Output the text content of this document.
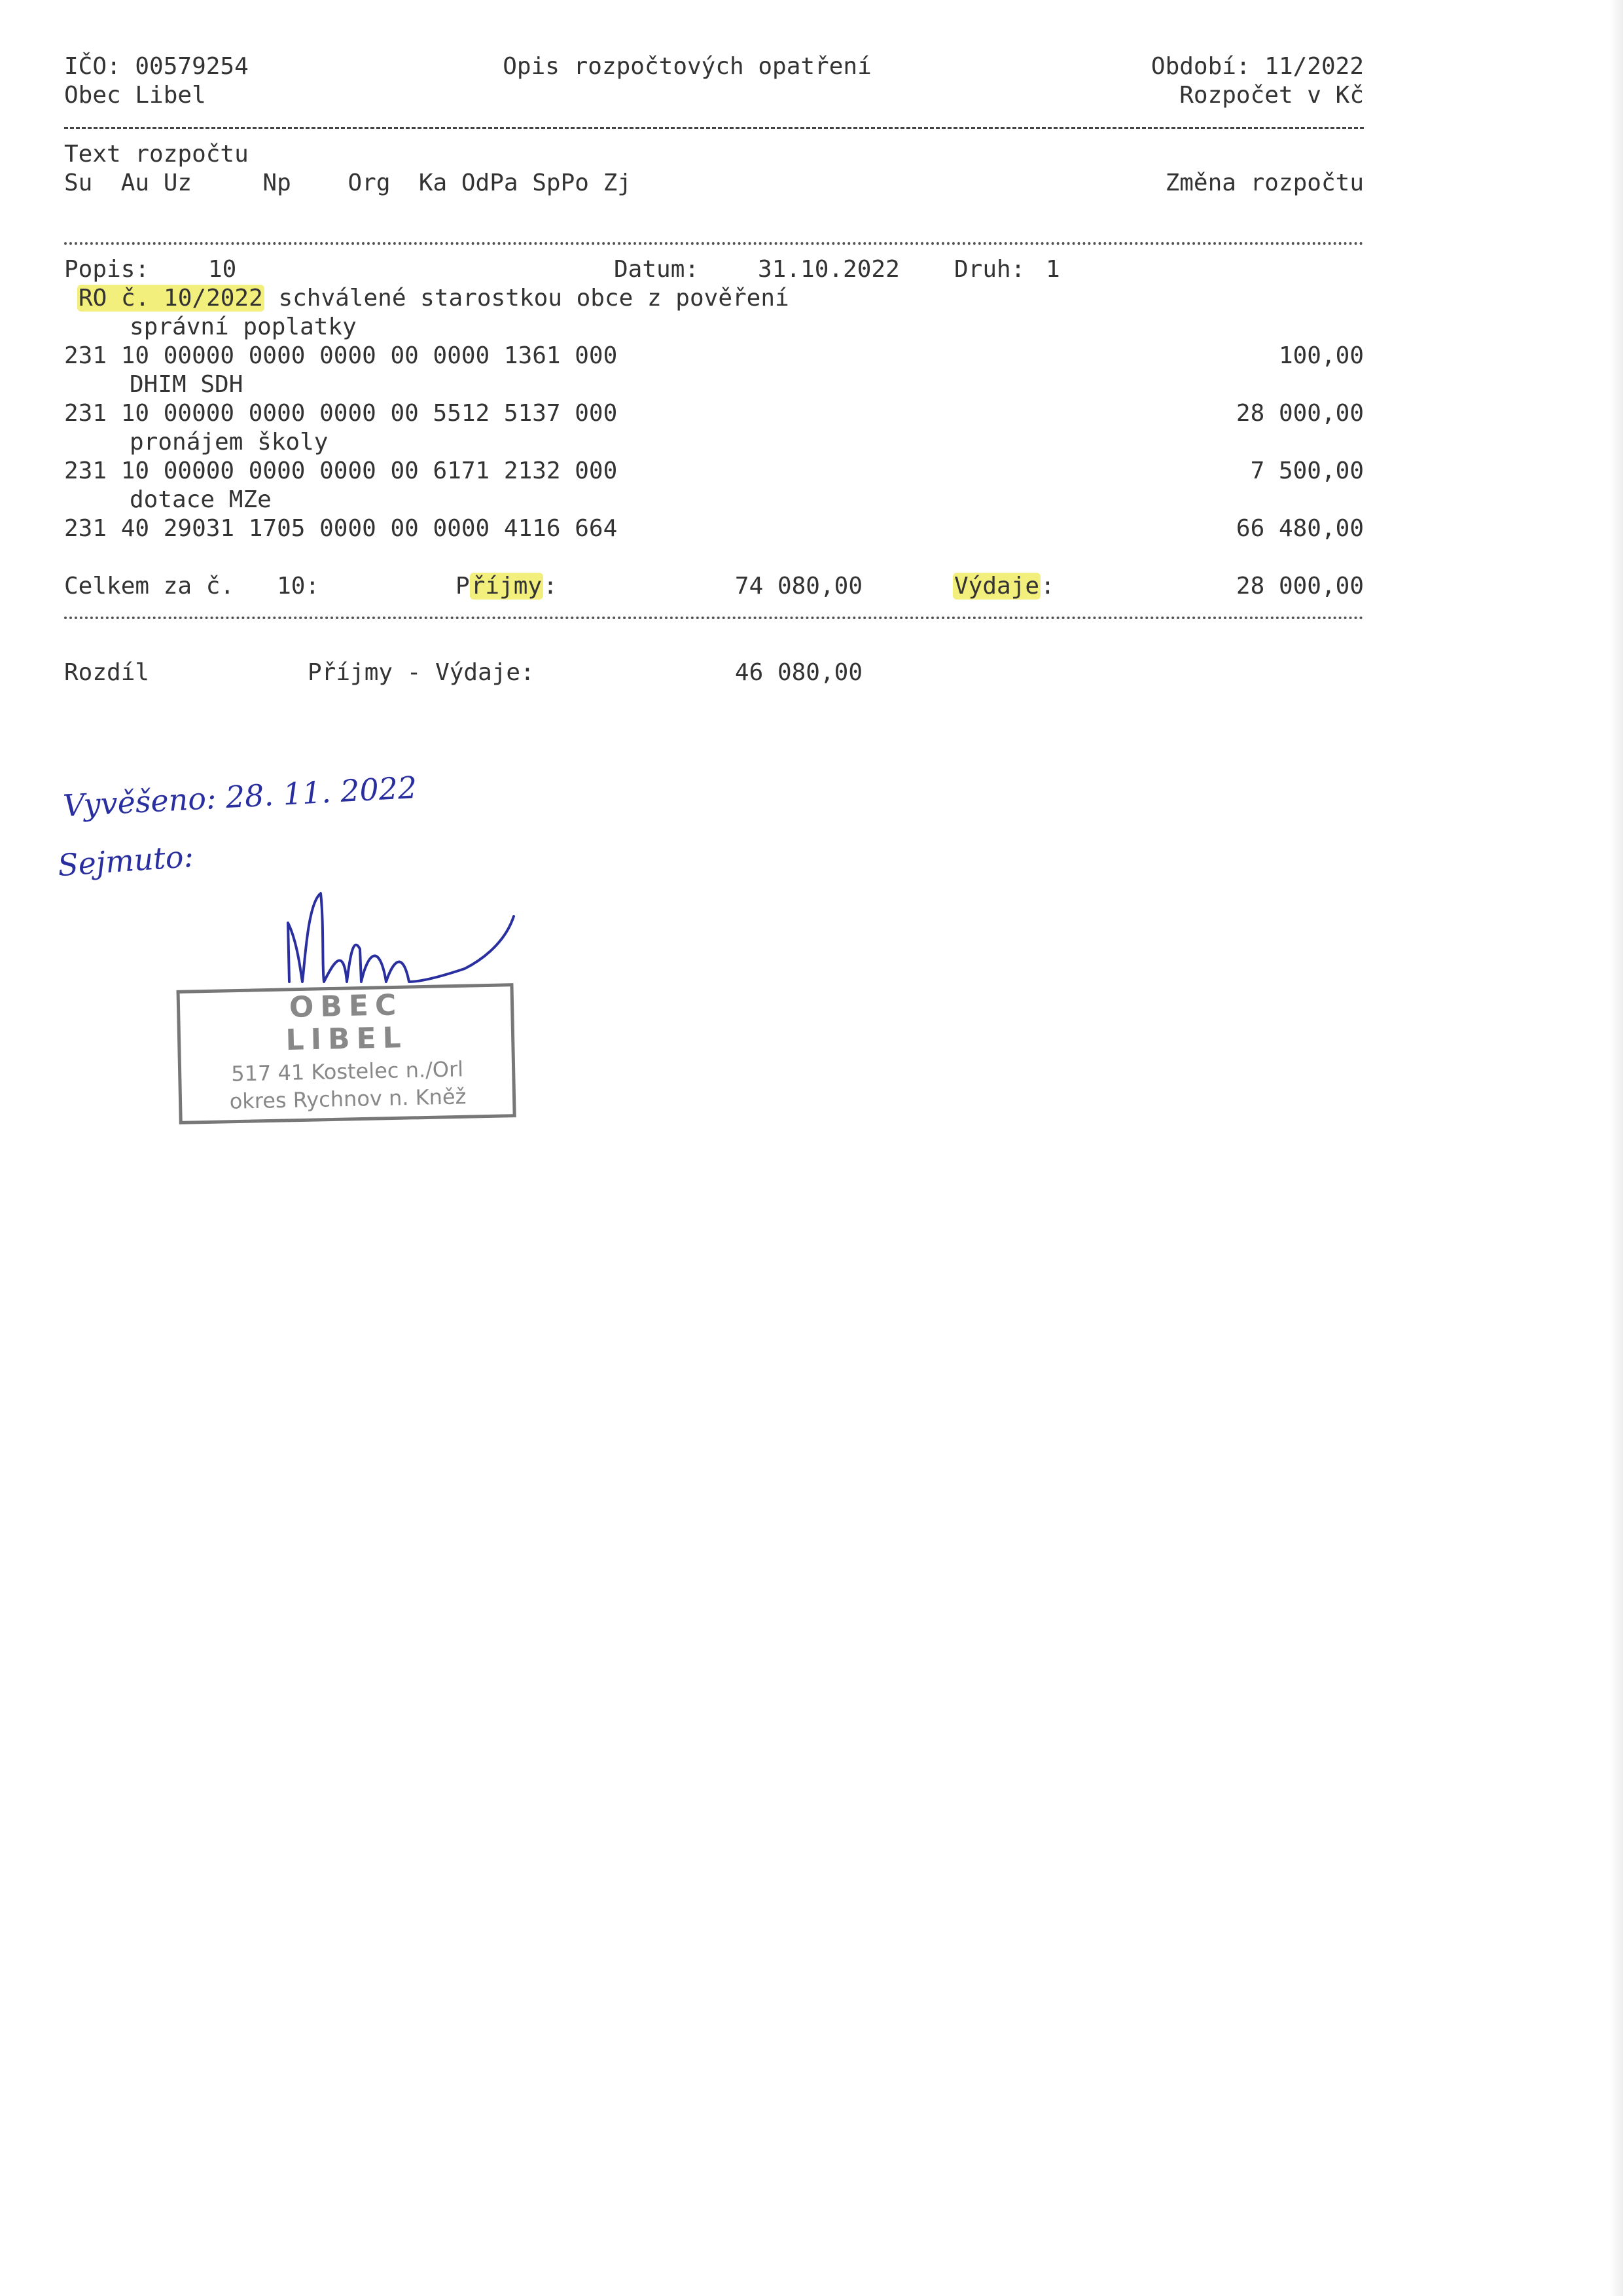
IČO: 00579254	Opis rozpočtových opatření	Období: 11/2022
Obec Libel	Rozpočet v Kč
Text rozpočtu
Su  Au Uz     Np    Org  Ka OdPa SpPo Zj	Změna rozpočtu
Popis: 10	Datum: 31.10.2022 Druh: 1
RO č. 10/2022 schválené starostkou obce z pověření
správní poplatky
231 10 00000 0000 0000 00 0000 1361 000	100,00
DHIM SDH
231 10 00000 0000 0000 00 5512 5137 000	28 000,00
pronájem školy
231 10 00000 0000 0000 00 6171 2132 000	7 500,00
dotace MZe
231 40 29031 1705 0000 00 0000 4116 664	66 480,00
Celkem za č.   10:	Příjmy:	74 080,00	Výdaje:	28 000,00
Rozdíl	Příjmy - Výdaje:	46 080,00
Vyvěšeno: 28. 11. 2022
Sejmuto:
OBEC
LIBEL
517 41 Kostelec n./Orl
okres Rychnov n. Kněž
